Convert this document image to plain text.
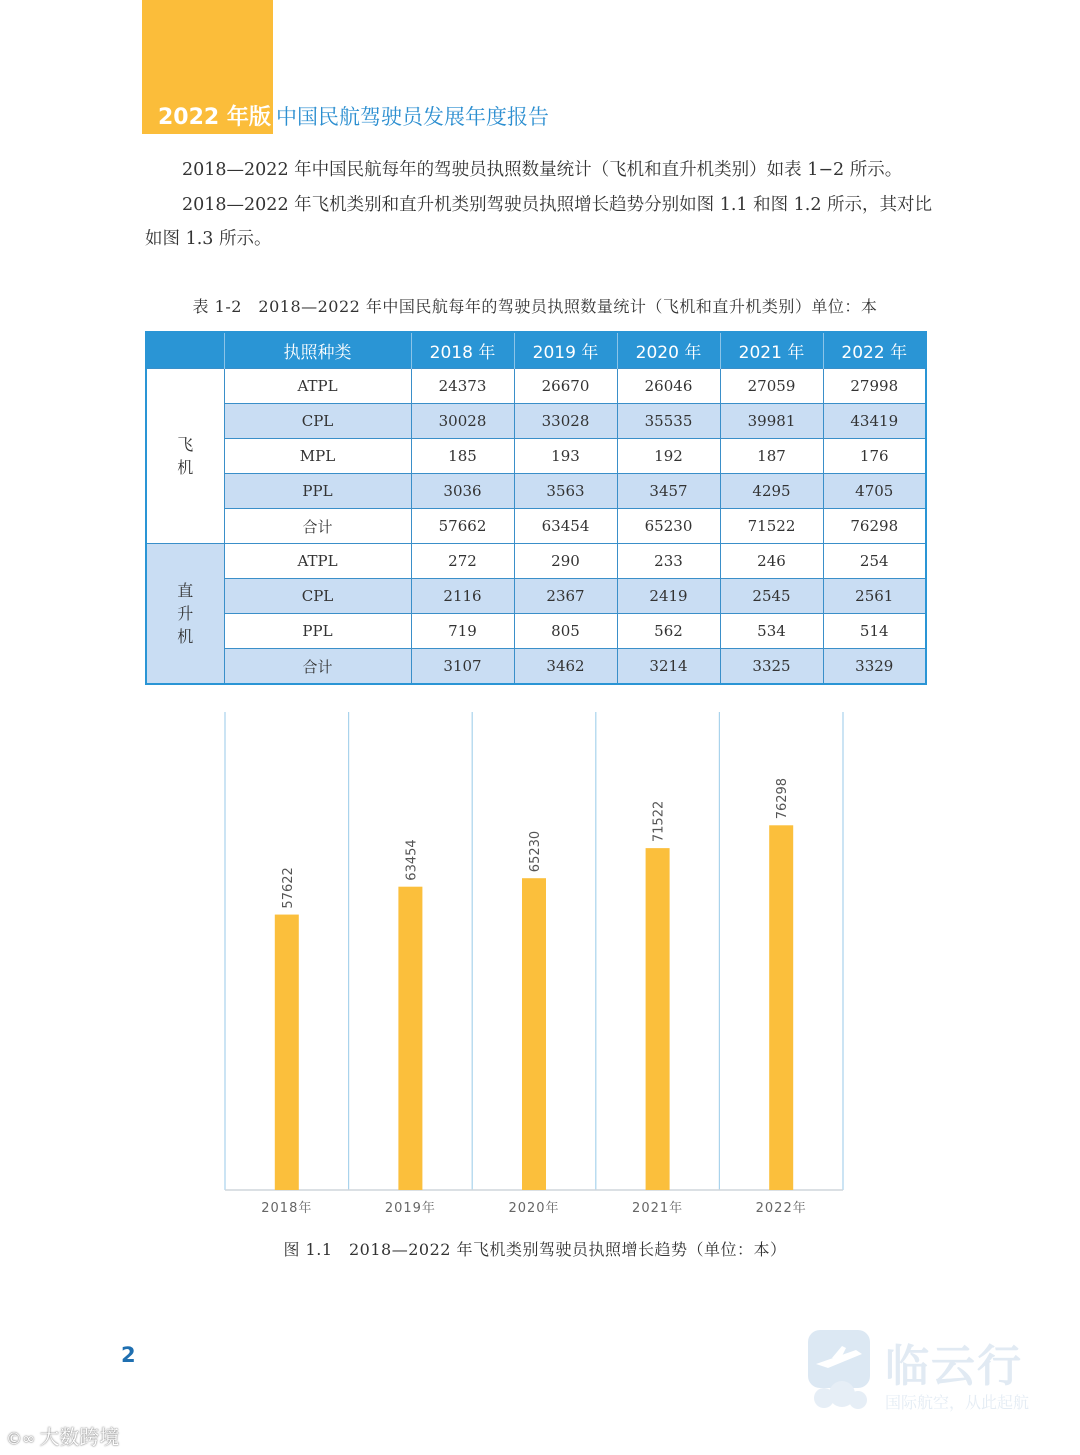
2022 年版 中国民航驾驶员发展年度报告

2018—2022 年中国民航每年的驾驶员执照数量统计（飞机和直升机类别）如表 1−2 所示。

2018—2022 年飞机类别和直升机类别驾驶员执照增长趋势分别如图 1.1 和图 1.2 所示，其对比如图 1.3 所示。

表 1-2　2018—2022 年中国民航每年的驾驶员执照数量统计（飞机和直升机类别）单位：本
	执照种类	2018 年	2019 年	2020 年	2021 年	2022 年
飞机	ATPL	24373	26670	26046	27059	27998
	CPL	30028	33028	35535	39981	43419
	MPL	185	193	192	187	176
	PPL	3036	3563	3457	4295	4705
	合计	57662	63454	65230	71522	76298
直升机	ATPL	272	290	233	246	254
	CPL	2116	2367	2419	2545	2561
	PPL	719	805	562	534	514
	合计	3107	3462	3214	3325	3329
57622
2018年
63454
2019年
65230
2020年
71522
2021年
76298
2022年
图 1.1　2018—2022 年飞机类别驾驶员执照增长趋势（单位：本）
2	临云行
国际航空，从此起航
©∞ 大数跨境
